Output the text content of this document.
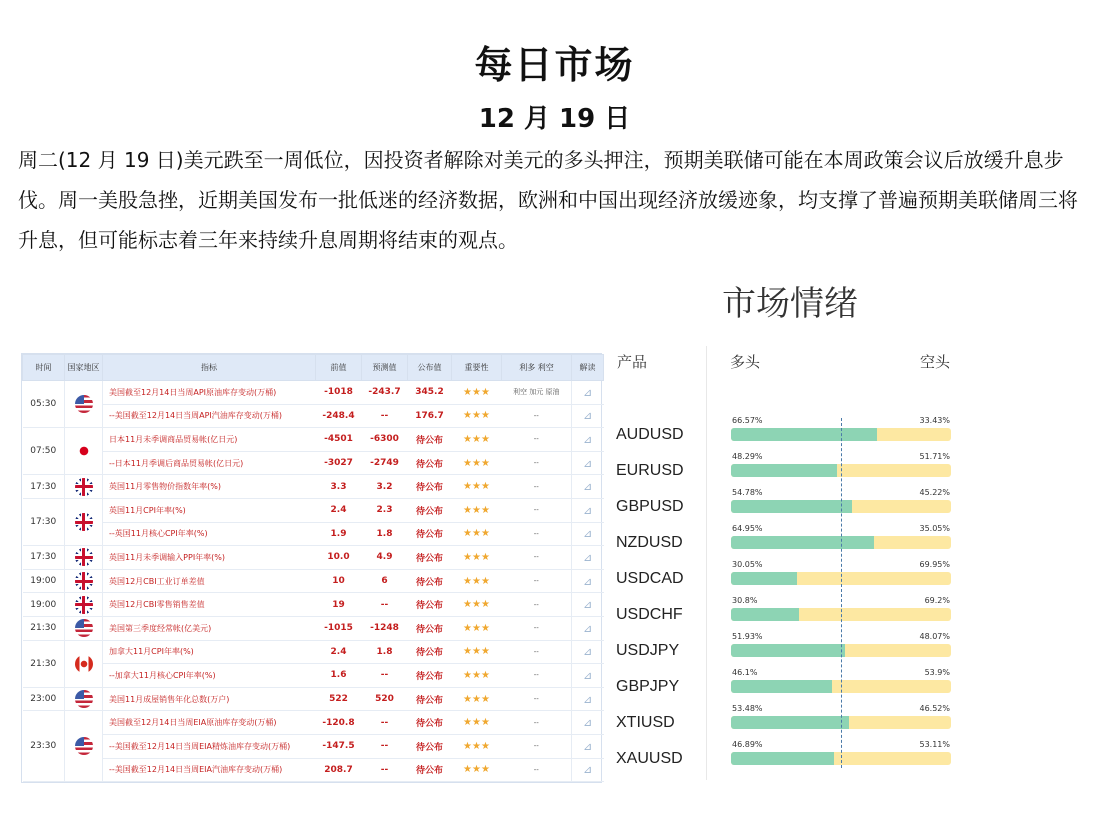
每日市场
12 月 19 日
周二(12 月 19 日)美元跌至一周低位，因投资者解除对美元的多头押注，预期美联储可能在本周政策会议后放缓升息步伐。周一美股急挫，近期美国发布一批低迷的经济数据，欧洲和中国出现经济放缓迹象，均支撑了普遍预期美联储周三将升息，但可能标志着三年来持续升息周期将结束的观点。
市场情绪
时间	国家地区	指标	前值	预测值	公布值	重要性	利多 利空	解读
05:30		美国截至12月14日当周API原油库存变动(万桶)	-1018	-243.7	345.2	★★★	利空 加元 原油	⊿
		--美国截至12月14日当周API汽油库存变动(万桶)	-248.4	--	176.7	★★★	--	⊿
07:50		日本11月未季调商品贸易帐(亿日元)	-4501	-6300	待公布	★★★	--	⊿
		--日本11月季调后商品贸易帐(亿日元)	-3027	-2749	待公布	★★★	--	⊿
17:30		英国11月零售物价指数年率(%)	3.3	3.2	待公布	★★★	--	⊿
17:30		英国11月CPI年率(%)	2.4	2.3	待公布	★★★	--	⊿
		--英国11月核心CPI年率(%)	1.9	1.8	待公布	★★★	--	⊿
17:30		英国11月未季调输入PPI年率(%)	10.0	4.9	待公布	★★★	--	⊿
19:00		英国12月CBI工业订单差值	10	6	待公布	★★★	--	⊿
19:00		英国12月CBI零售销售差值	19	--	待公布	★★★	--	⊿
21:30		美国第三季度经常帐(亿美元)	-1015	-1248	待公布	★★★	--	⊿
21:30		加拿大11月CPI年率(%)	2.4	1.8	待公布	★★★	--	⊿
		--加拿大11月核心CPI年率(%)	1.6	--	待公布	★★★	--	⊿
23:00		美国11月成屋销售年化总数(万户)	522	520	待公布	★★★	--	⊿
23:30		美国截至12月14日当周EIA原油库存变动(万桶)	-120.8	--	待公布	★★★	--	⊿
		--美国截至12月14日当周EIA精炼油库存变动(万桶)	-147.5	--	待公布	★★★	--	⊿
		--美国截至12月14日当周EIA汽油库存变动(万桶)	208.7	--	待公布	★★★	--	⊿
产品	多头	空头
AUDUSD
66.57%	33.43%
EURUSD
48.29%	51.71%
GBPUSD
54.78%	45.22%
NZDUSD
64.95%	35.05%
USDCAD
30.05%	69.95%
USDCHF
30.8%	69.2%
USDJPY
51.93%	48.07%
GBPJPY
46.1%	53.9%
XTIUSD
53.48%	46.52%
XAUUSD
46.89%	53.11%
